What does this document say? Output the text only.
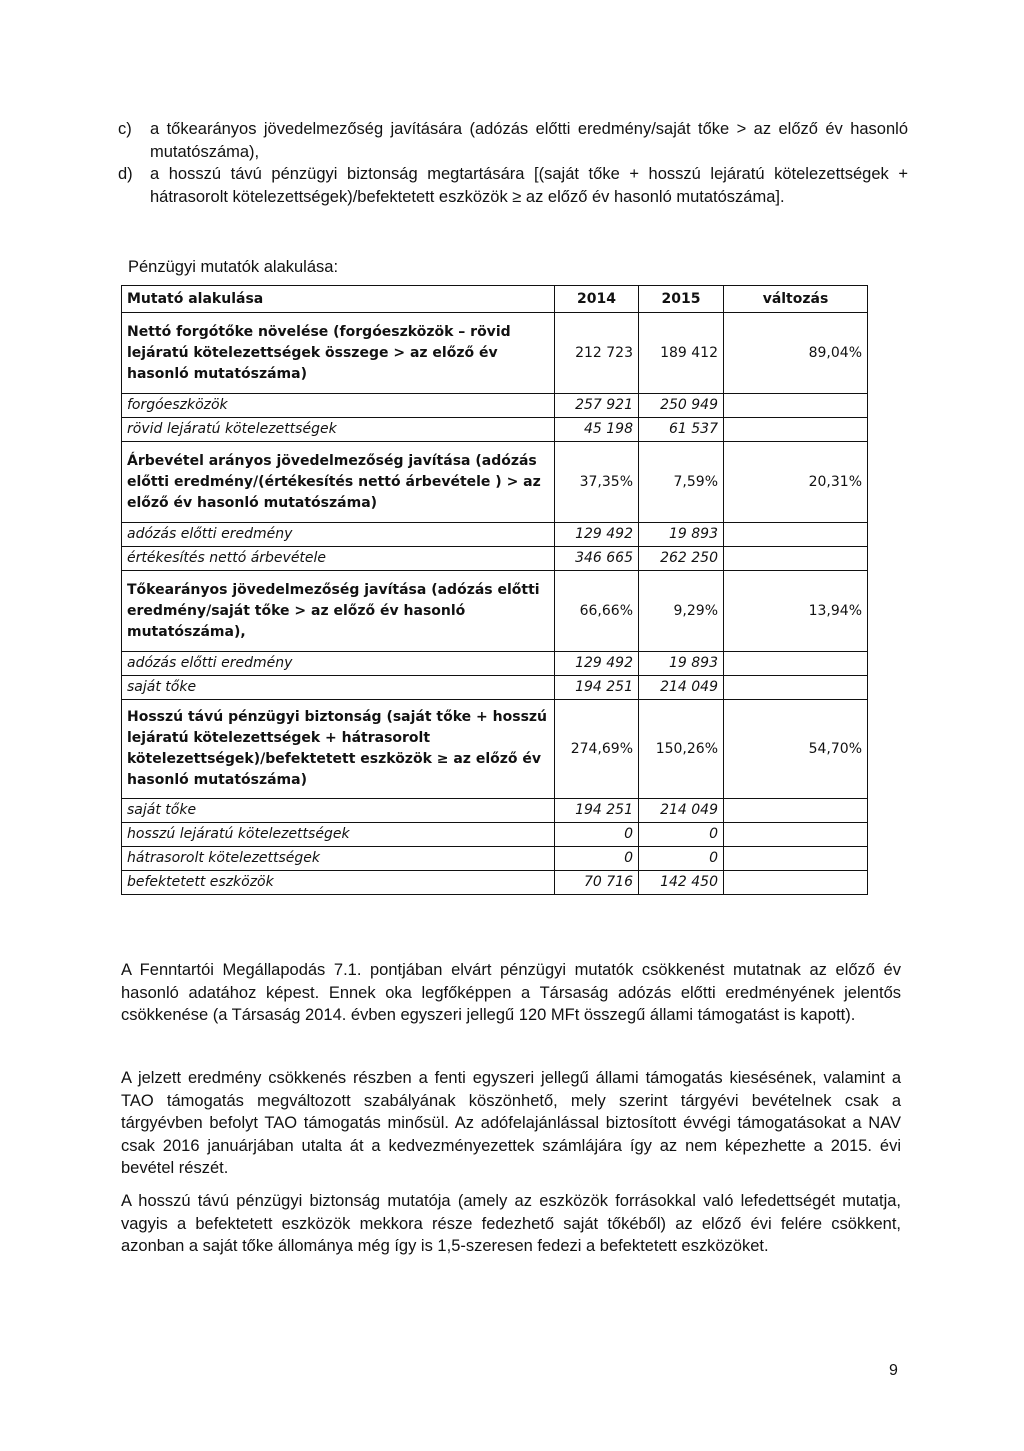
c)	a tőkearányos jövedelmezőség javítására (adózás előtti eredmény/saját tőke > az előző év hasonló mutatószáma),
d)	a hosszú távú pénzügyi biztonság megtartására [(saját tőke + hosszú lejáratú kötelezettségek + hátrasorolt kötelezettségek)/befektetett eszközök ≥ az előző év hasonló mutatószáma].
Pénzügyi mutatók alakulása:
Mutató alakulása	2014	2015	változás
Nettó forgótőke növelése (forgóeszközök – rövid lejáratú kötelezettségek összege > az előző év hasonló mutatószáma)	212 723	189 412	89,04%
forgóeszközök	257 921	250 949	
rövid lejáratú kötelezettségek	45 198	61 537	
Árbevétel arányos jövedelmezőség javítása (adózás előtti eredmény/(értékesítés nettó árbevétele ) > az előző év hasonló mutatószáma)	37,35%	7,59%	20,31%
adózás előtti eredmény	129 492	19 893	
értékesítés nettó árbevétele	346 665	262 250	
Tőkearányos jövedelmezőség javítása (adózás előtti eredmény/saját tőke > az előző év hasonló mutatószáma),	66,66%	9,29%	13,94%
adózás előtti eredmény	129 492	19 893	
saját tőke	194 251	214 049	
Hosszú távú pénzügyi biztonság (saját tőke + hosszú lejáratú kötelezettségek + hátrasorolt kötelezettségek)/befektetett eszközök ≥ az előző év hasonló mutatószáma)	274,69%	150,26%	54,70%
saját tőke	194 251	214 049	
hosszú lejáratú kötelezettségek	0	0	
hátrasorolt kötelezettségek	0	0	
befektetett eszközök	70 716	142 450	
A Fenntartói Megállapodás 7.1. pontjában elvárt pénzügyi mutatók csökkenést mutatnak az előző év hasonló adatához képest. Ennek oka legfőképpen a Társaság adózás előtti eredményének jelentős csökkenése (a Társaság 2014. évben egyszeri jellegű 120 MFt összegű állami támogatást is kapott).
A jelzett eredmény csökkenés részben a fenti egyszeri jellegű állami támogatás kiesésének, valamint a TAO támogatás megváltozott szabályának köszönhető, mely szerint tárgyévi bevételnek csak a tárgyévben befolyt TAO támogatás minősül. Az adófelajánlással biztosított évvégi támogatásokat a NAV csak 2016 januárjában utalta át a kedvezményezettek számlájára így az nem képezhette a 2015. évi bevétel részét.
A hosszú távú pénzügyi biztonság mutatója (amely az eszközök forrásokkal való lefedettségét mutatja, vagyis a befektetett eszközök mekkora része fedezhető saját tőkéből) az előző évi felére csökkent, azonban a saját tőke állománya még így is 1,5-szeresen fedezi a befektetett eszközöket.
9
